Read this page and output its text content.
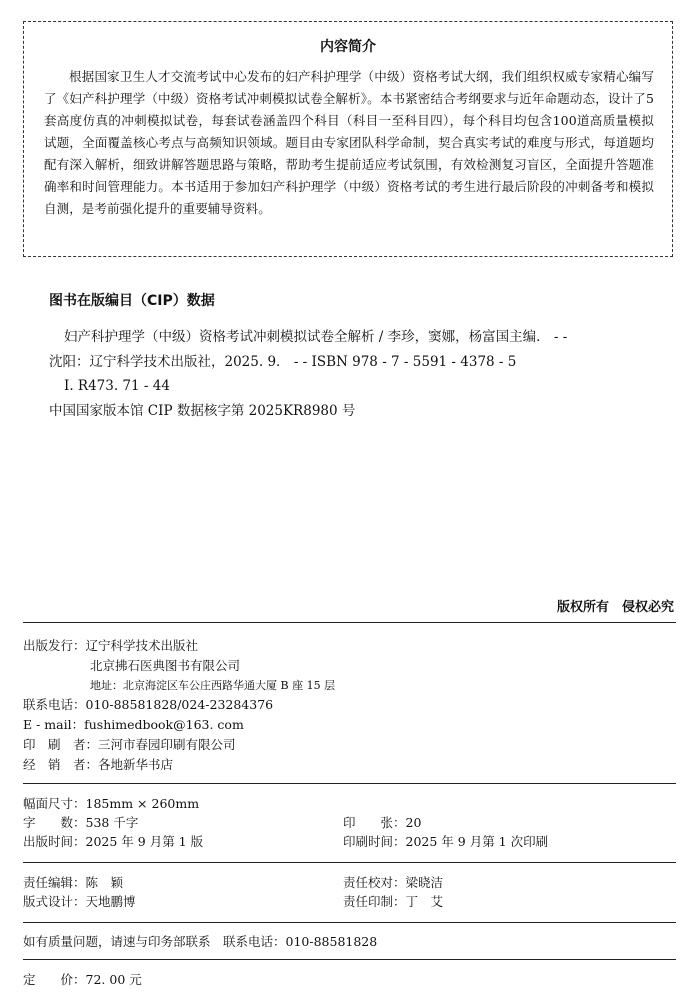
内容简介
根据国家卫生人才交流考试中心发布的妇产科护理学（中级）资格考试大纲，我们组织权威专家精心编写了《妇产科护理学（中级）资格考试冲刺模拟试卷全解析》。本书紧密结合考纲要求与近年命题动态，设计了5套高度仿真的冲刺模拟试卷，每套试卷涵盖四个科目（科目一至科目四），每个科目均包含100道高质量模拟试题，全面覆盖核心考点与高频知识领域。题目由专家团队科学命制，契合真实考试的难度与形式，每道题均配有深入解析，细致讲解答题思路与策略，帮助考生提前适应考试氛围，有效检测复习盲区，全面提升答题准确率和时间管理能力。本书适用于参加妇产科护理学（中级）资格考试的考生进行最后阶段的冲刺备考和模拟自测，是考前强化提升的重要辅导资料。
图书在版编目（CIP）数据
妇产科护理学（中级）资格考试冲刺模拟试卷全解析 / 李珍，窦娜，杨富国主编． - -
沈阳：辽宁科学技术出版社，2025. 9． - - ISBN 978 - 7 - 5591 - 4378 - 5
Ⅰ. R473. 71 - 44
中国国家版本馆 CIP 数据核字第 2025KR8980 号
版权所有　侵权必究
出版发行：辽宁科学技术出版社
北京拂石医典图书有限公司
地址：北京海淀区车公庄西路华通大厦 B 座 15 层
联系电话：010-88581828/024-23284376
E - mail：fushimedbook@163. com
印　刷　者：三河市春园印刷有限公司
经　销　者：各地新华书店
幅面尺寸：185mm × 260mm
字　　数：538 千字	印　　张：20
出版时间：2025 年 9 月第 1 版	印刷时间：2025 年 9 月第 1 次印刷
责任编辑：陈　颖	责任校对：梁晓洁
版式设计：天地鹏博	责任印制：丁　艾
如有质量问题，请速与印务部联系　联系电话：010-88581828
定　　价：72. 00 元
